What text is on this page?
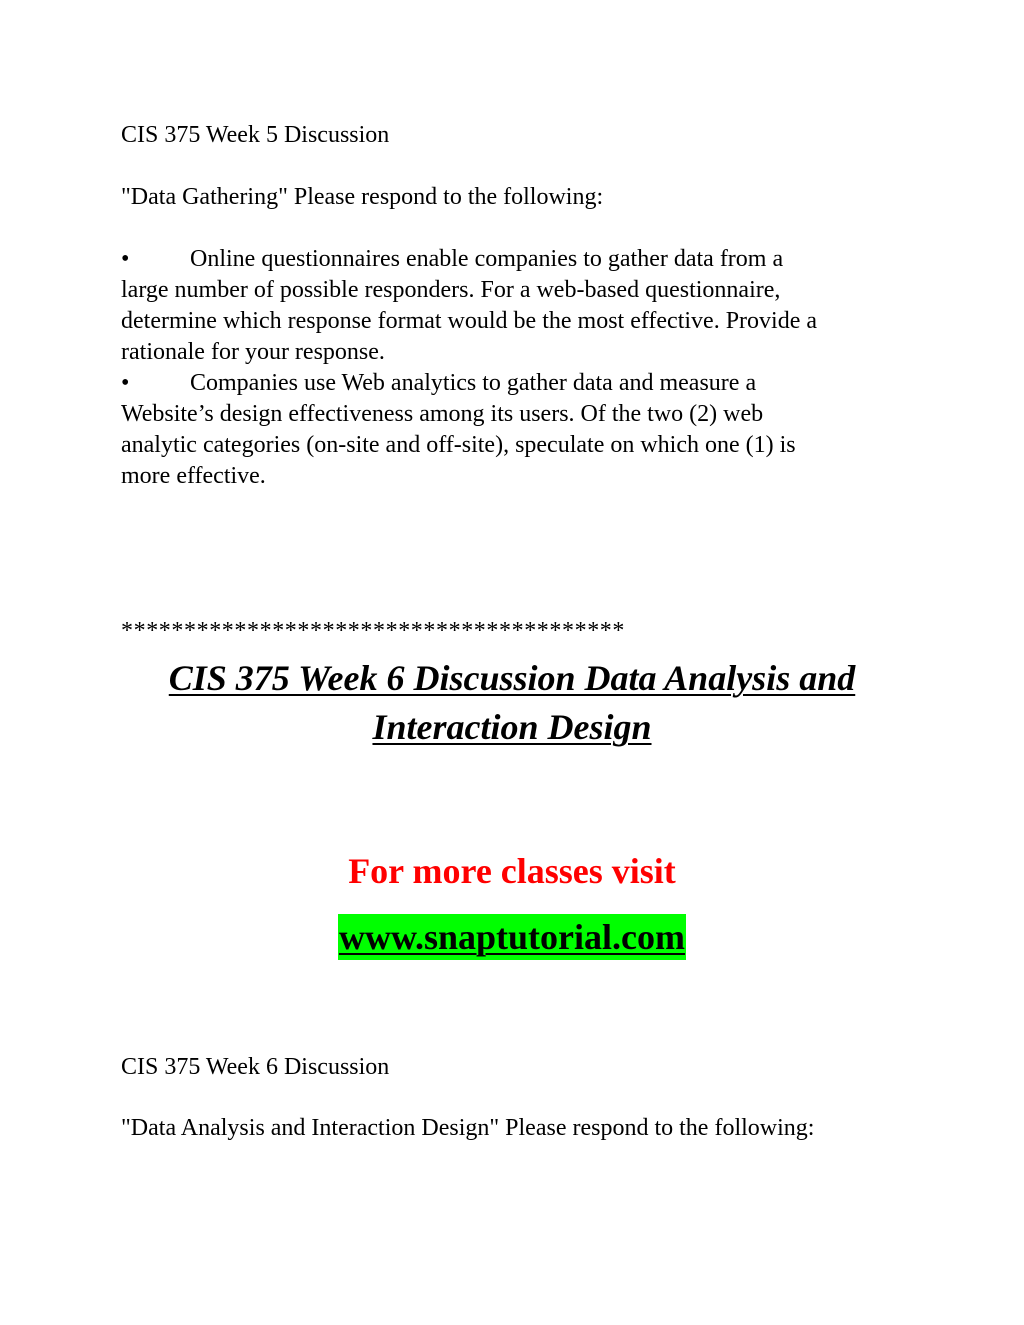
CIS 375 Week 5 Discussion
"Data Gathering" Please respond to the following:
•	Online questionnaires enable companies to gather data from a
large number of possible responders. For a web-based questionnaire,
determine which response format would be the most effective. Provide a
rationale for your response.
•	Companies use Web analytics to gather data and measure a
Website’s design effectiveness among its users. Of the two (2) web
analytic categories (on-site and off-site), speculate on which one (1) is
more effective.
****************************************
CIS 375 Week 6 Discussion Data Analysis and
Interaction Design
For more classes visit
www.snaptutorial.com
CIS 375 Week 6 Discussion
"Data Analysis and Interaction Design" Please respond to the following:
